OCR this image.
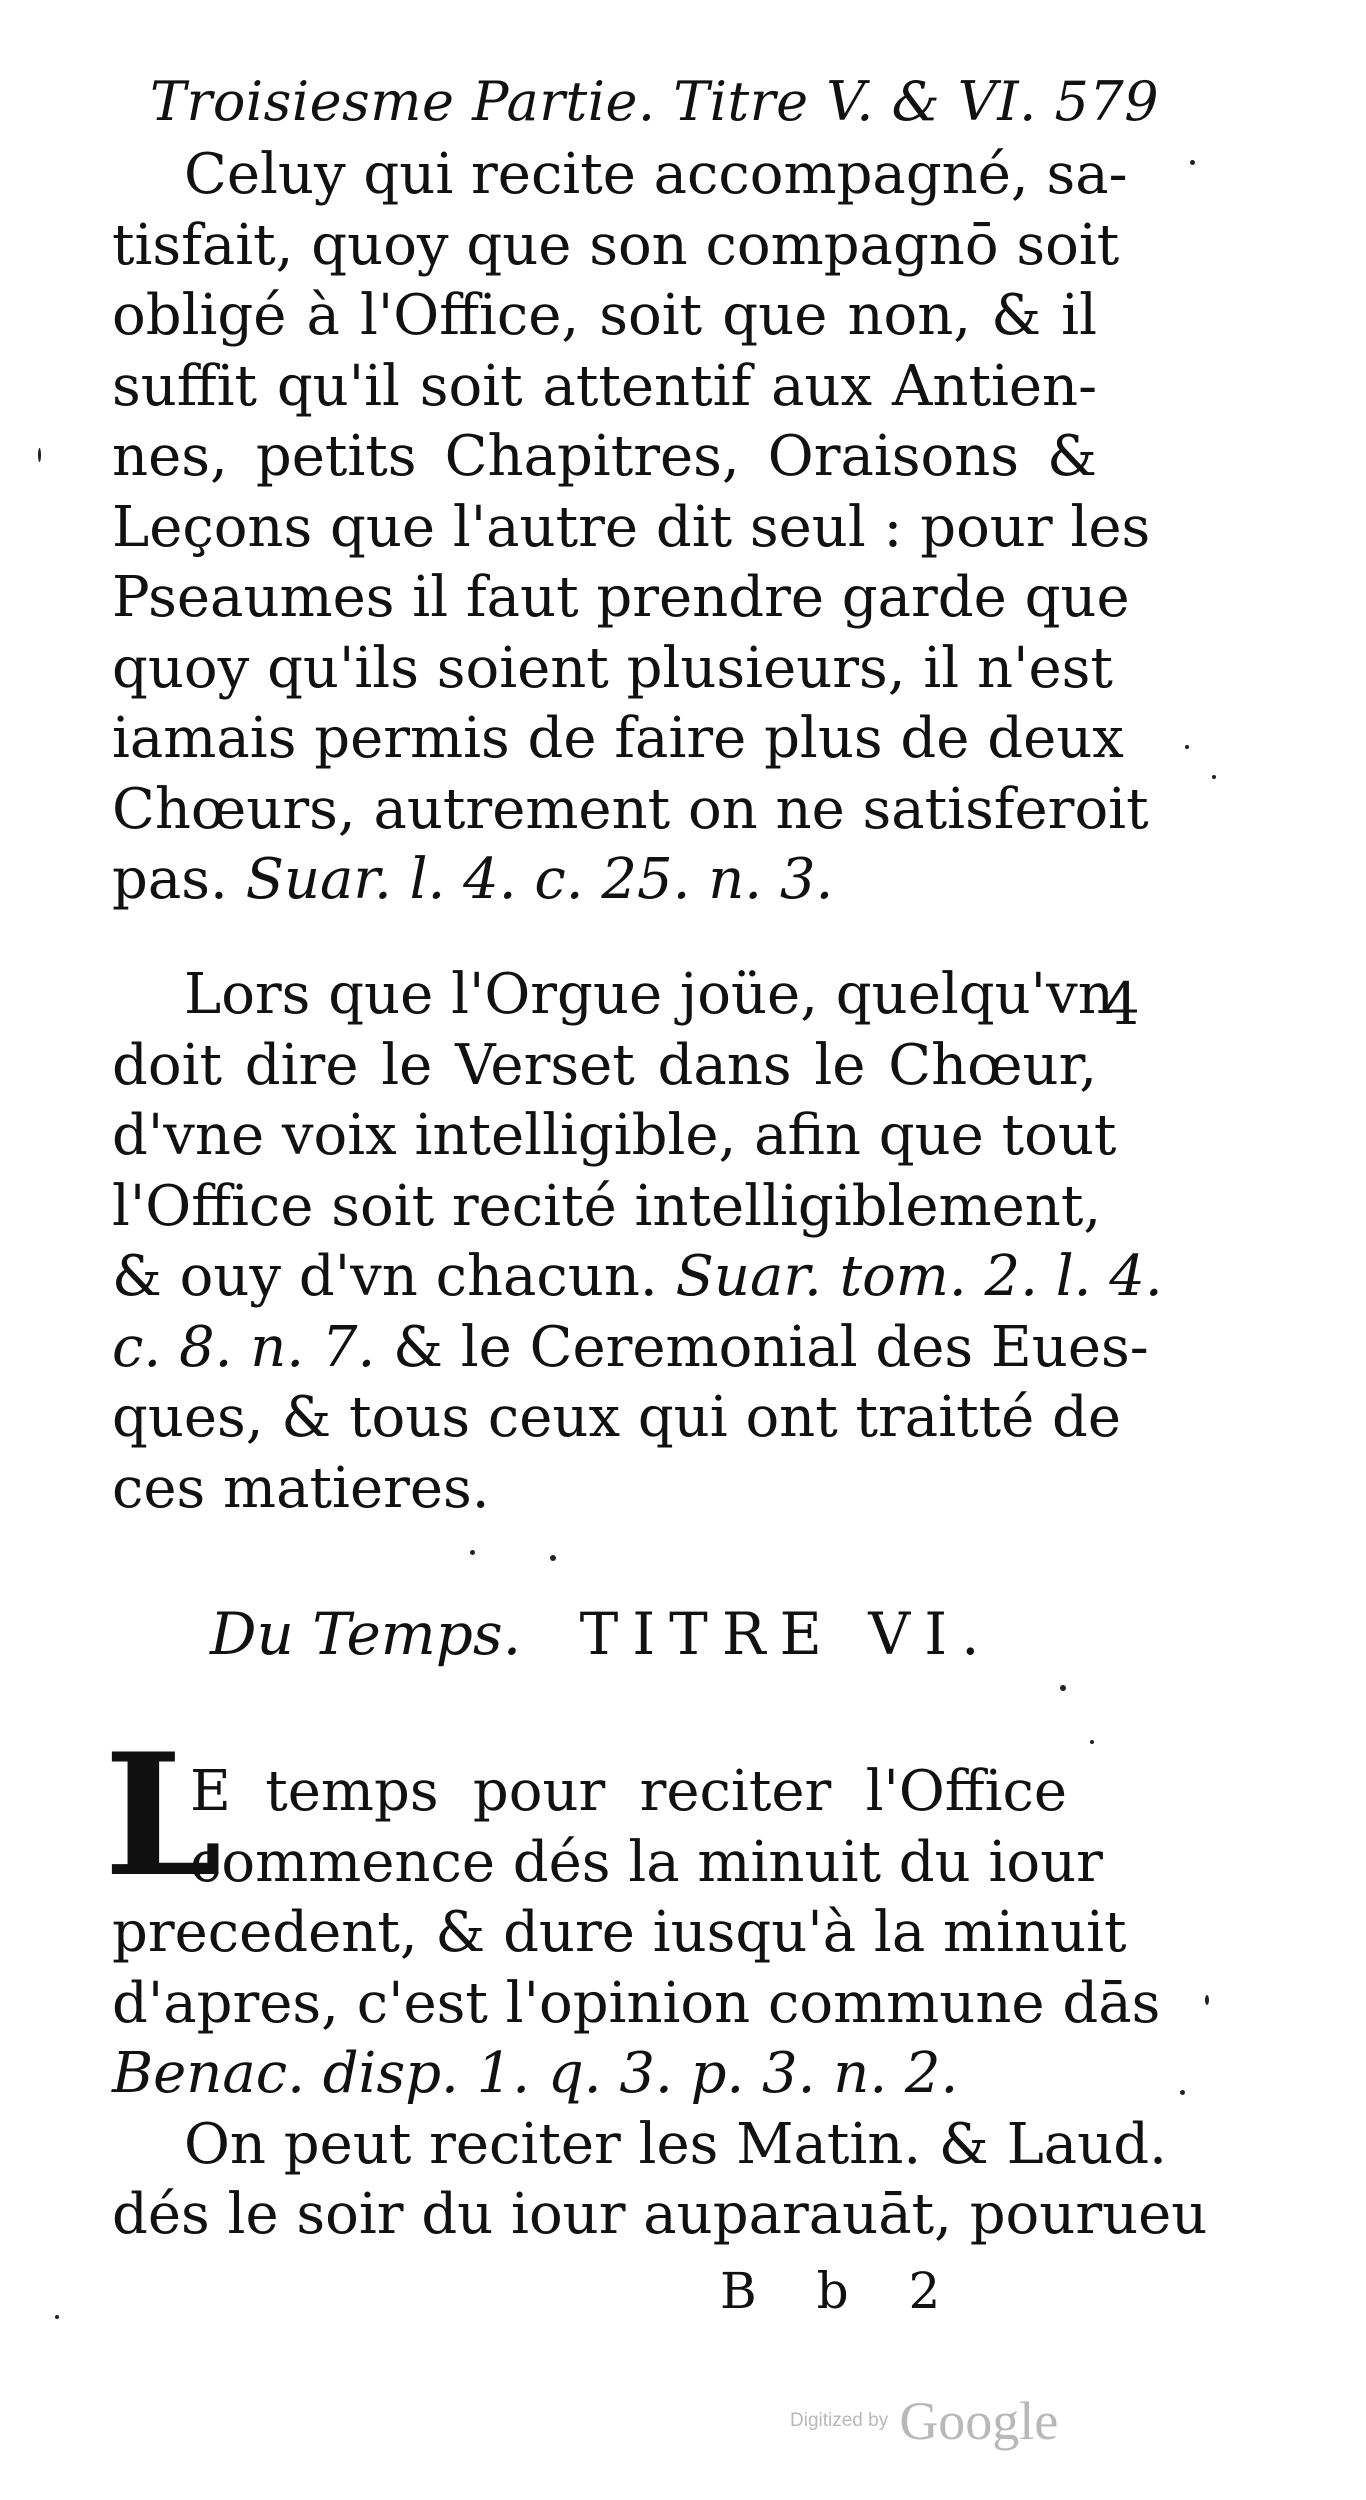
Troisiesme Partie. Titre V. & VI. 579
Celuy qui recite accompagné, sa-
tisfait, quoy que son compagnō soit
obligé à l'Office, soit que non, & il
suffit qu'il soit attentif aux Antien-
nes, petits Chapitres, Oraisons &
Leçons que l'autre dit seul : pour les
Pseaumes il faut prendre garde que
quoy qu'ils soient plusieurs, il n'est
iamais permis de faire plus de deux
Chœurs, autrement on ne satisferoit
pas. Suar. l. 4. c. 25. n. 3.
Lors que l'Orgue joüe, quelqu'vn
doit dire le Verset dans le Chœur,
d'vne voix intelligible, afin que tout
l'Office soit recité intelligiblement,
& ouy d'vn chacun. Suar. tom. 2. l. 4.
c. 8. n. 7. & le Ceremonial des Eues-
ques, & tous ceux qui ont traitté de
ces matieres.
4
Du Temps. TITRE VI.
L
E temps pour reciter l'Office
commence dés la minuit du iour
precedent, & dure iusqu'à la minuit
d'apres, c'est l'opinion commune dās
Benac. disp. 1. q. 3. p. 3. n. 2.
On peut reciter les Matin. & Laud.
dés le soir du iour auparauāt, pourueu
B b 2
Digitized by Google
